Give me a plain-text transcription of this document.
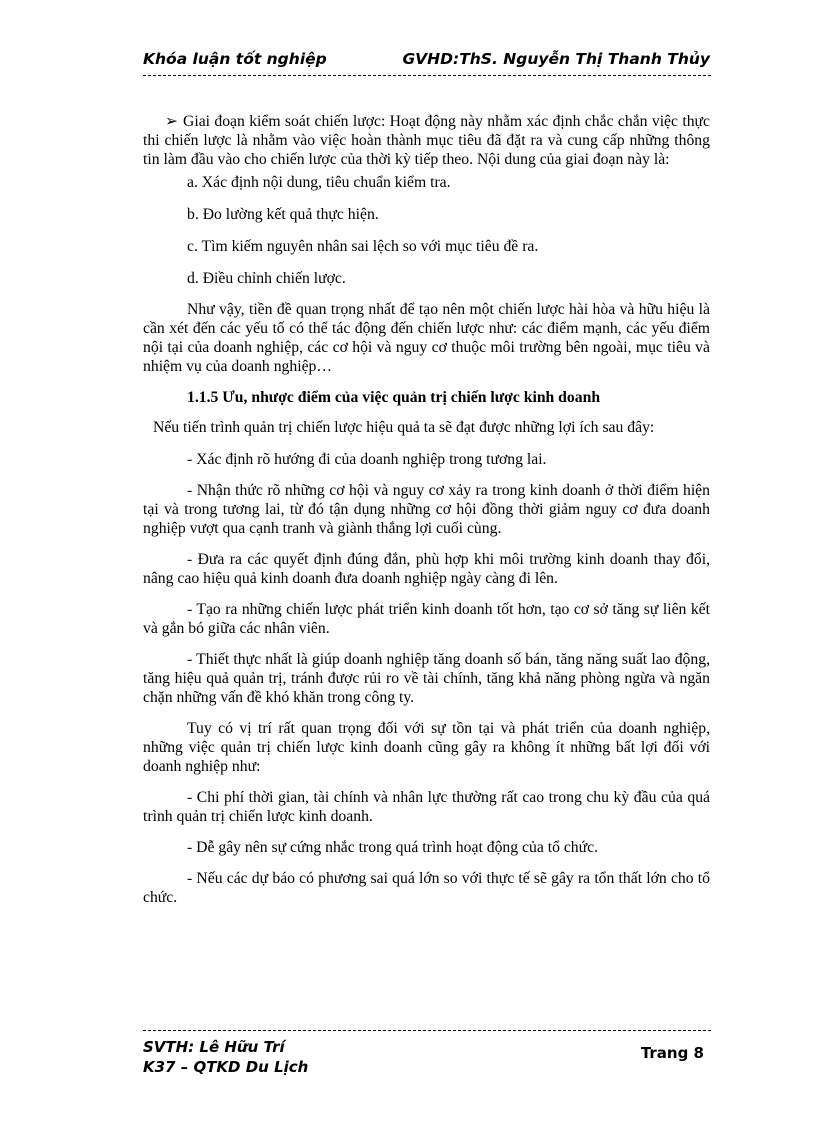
Khóa luận tốt nghiệp	GVHD:ThS. Nguyễn Thị Thanh Thủy

➢ Giai đoạn kiểm soát chiến lược: Hoạt động này nhằm xác định chắc chắn việc thực thi chiến lược là nhằm vào việc hoàn thành mục tiêu đã đặt ra và cung cấp những thông tin làm đầu vào cho chiến lược của thời kỳ tiếp theo. Nội dung của giai đoạn này là:

a. Xác định nội dung, tiêu chuẩn kiểm tra.

b. Đo lường kết quả thực hiện.

c. Tìm kiếm nguyên nhân sai lệch so với mục tiêu đề ra.

d. Điều chỉnh chiến lược.

Như vậy, tiền đề quan trọng nhất để tạo nên một chiến lược hài hòa và hữu hiệu là cần xét đến các yếu tố có thể tác động đến chiến lược như: các điểm mạnh, các yếu điểm nội tại của doanh nghiệp, các cơ hội và nguy cơ thuộc môi trường bên ngoài, mục tiêu và nhiệm vụ của doanh nghiệp…

1.1.5 Ưu, nhược điểm của việc quản trị chiến lược kinh doanh

Nếu tiến trình quản trị chiến lược hiệu quả ta sẽ đạt được những lợi ích sau đây:

- Xác định rõ hướng đi của doanh nghiệp trong tương lai.

- Nhận thức rõ những cơ hội và nguy cơ xảy ra trong kinh doanh ở thời điểm hiện tại và trong tương lai, từ đó tận dụng những cơ hội đồng thời giảm nguy cơ đưa doanh nghiệp vượt qua cạnh tranh và giành thắng lợi cuối cùng.

- Đưa ra các quyết định đúng đắn, phù hợp khi môi trường kinh doanh thay đổi, nâng cao hiệu quả kinh doanh đưa doanh nghiệp ngày càng đi lên.

- Tạo ra những chiến lược phát triển kinh doanh tốt hơn, tạo cơ sở tăng sự liên kết và gắn bó giữa các nhân viên.

- Thiết thực nhất là giúp doanh nghiệp tăng doanh số bán, tăng năng suất lao động, tăng hiệu quả quản trị, tránh được rủi ro về tài chính, tăng khả năng phòng ngừa và ngăn chặn những vấn đề khó khăn trong công ty.

Tuy có vị trí rất quan trọng đối với sự tồn tại và phát triển của doanh nghiệp, những việc quản trị chiến lược kinh doanh cũng gây ra không ít những bất lợi đối với doanh nghiệp như:

- Chi phí thời gian, tài chính và nhân lực thường rất cao trong chu kỳ đầu của quá trình quản trị chiến lược kinh doanh.

- Dễ gây nên sự cứng nhắc trong quá trình hoạt động của tổ chức.

- Nếu các dự báo có phương sai quá lớn so với thực tế sẽ gây ra tổn thất lớn cho tổ chức.

SVTH: Lê Hữu Trí
K37 – QTKD Du Lịch
Trang 8
